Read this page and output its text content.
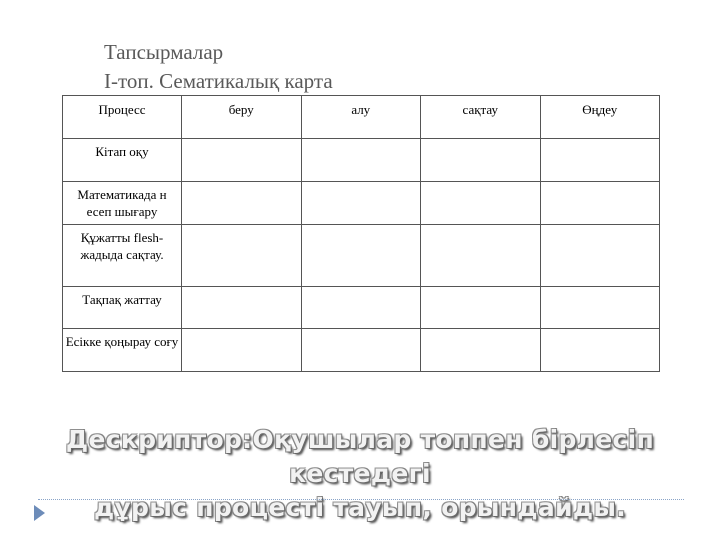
Тапсырмалар
І-топ. Сематикалық карта
Процесс	беру	алу	сақтау	Өңдеу
Кітап оқу				
Математикада н есеп шығару				
Құжатты flesh-жадыда сақтау.				
Тақпақ жаттау				
Есікке қоңырау соғу				
Дескриптор:Оқушылар топпен бірлесіп кестедегі
дұрыс процесті тауып, орындайды.
